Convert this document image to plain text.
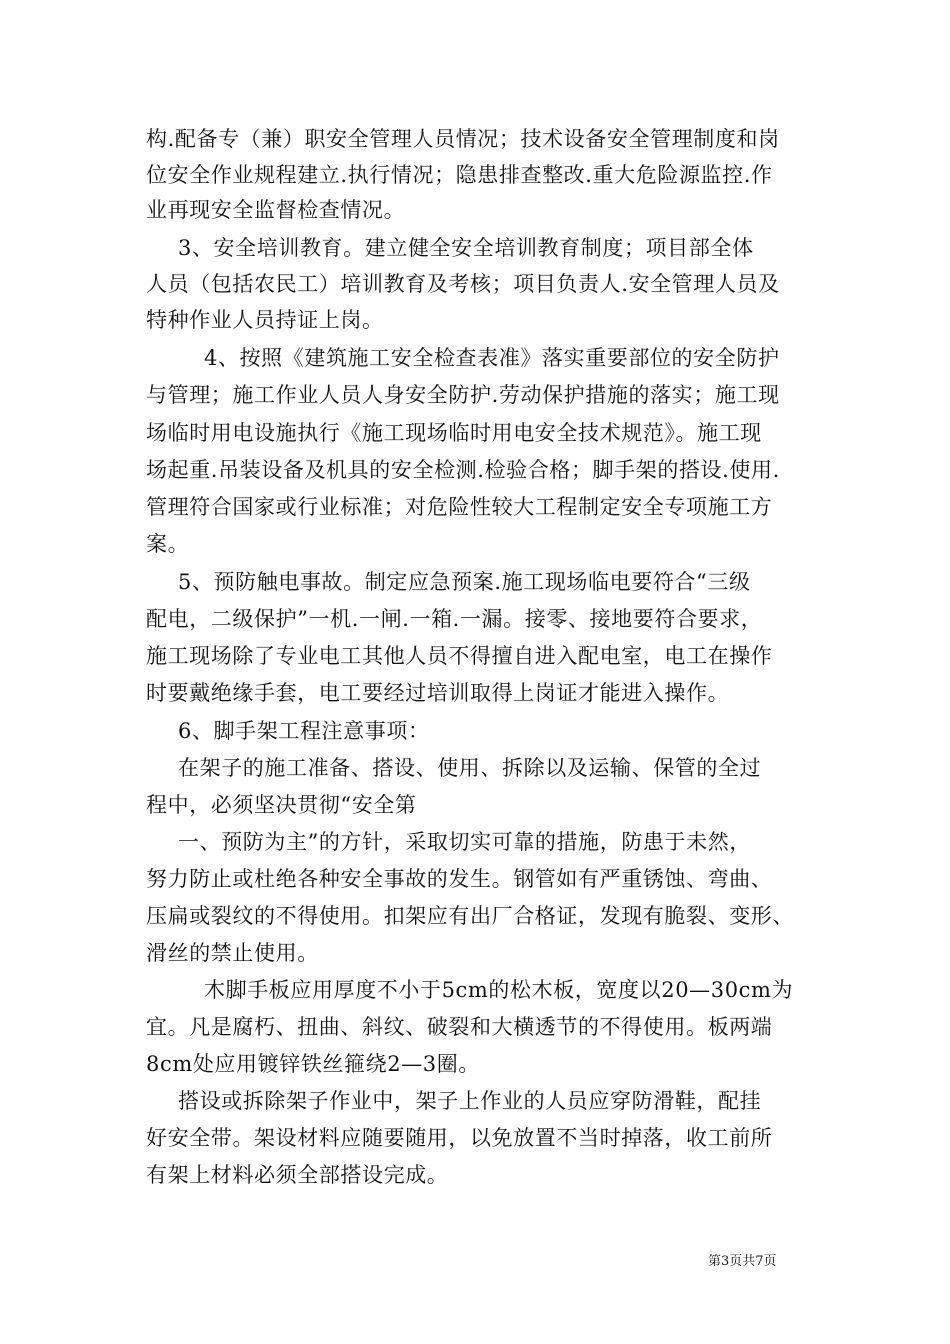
构.配备专（兼）职安全管理人员情况；技术设备安全管理制度和岗
位安全作业规程建立.执行情况；隐患排查整改.重大危险源监控.作
业再现安全监督检查情况。
3、安全培训教育。建立健全安全培训教育制度；项目部全体
人员（包括农民工）培训教育及考核；项目负责人.安全管理人员及
特种作业人员持证上岗。
4、按照《建筑施工安全检查表准》落实重要部位的安全防护
与管理；施工作业人员人身安全防护.劳动保护措施的落实；施工现
场临时用电设施执行《施工现场临时用电安全技术规范》。施工现
场起重.吊装设备及机具的安全检测.检验合格；脚手架的搭设.使用.
管理符合国家或行业标准；对危险性较大工程制定安全专项施工方
案。
5、预防触电事故。制定应急预案.施工现场临电要符合“三级
配电，二级保护”一机.一闸.一箱.一漏。接零、接地要符合要求，
施工现场除了专业电工其他人员不得擅自进入配电室，电工在操作
时要戴绝缘手套，电工要经过培训取得上岗证才能进入操作。
6、脚手架工程注意事项：
在架子的施工准备、搭设、使用、拆除以及运输、保管的全过
程中，必须坚决贯彻“安全第
一、预防为主”的方针，采取切实可靠的措施，防患于未然，
努力防止或杜绝各种安全事故的发生。钢管如有严重锈蚀、弯曲、
压扁或裂纹的不得使用。扣架应有出厂合格证，发现有脆裂、变形、
滑丝的禁止使用。
木脚手板应用厚度不小于5cm的松木板，宽度以20—30cm为
宜。凡是腐朽、扭曲、斜纹、破裂和大横透节的不得使用。板两端
8cm处应用镀锌铁丝箍绕2—3圈。
搭设或拆除架子作业中，架子上作业的人员应穿防滑鞋，配挂
好安全带。架设材料应随要随用，以免放置不当时掉落，收工前所
有架上材料必须全部搭设完成。
第3页共7页
